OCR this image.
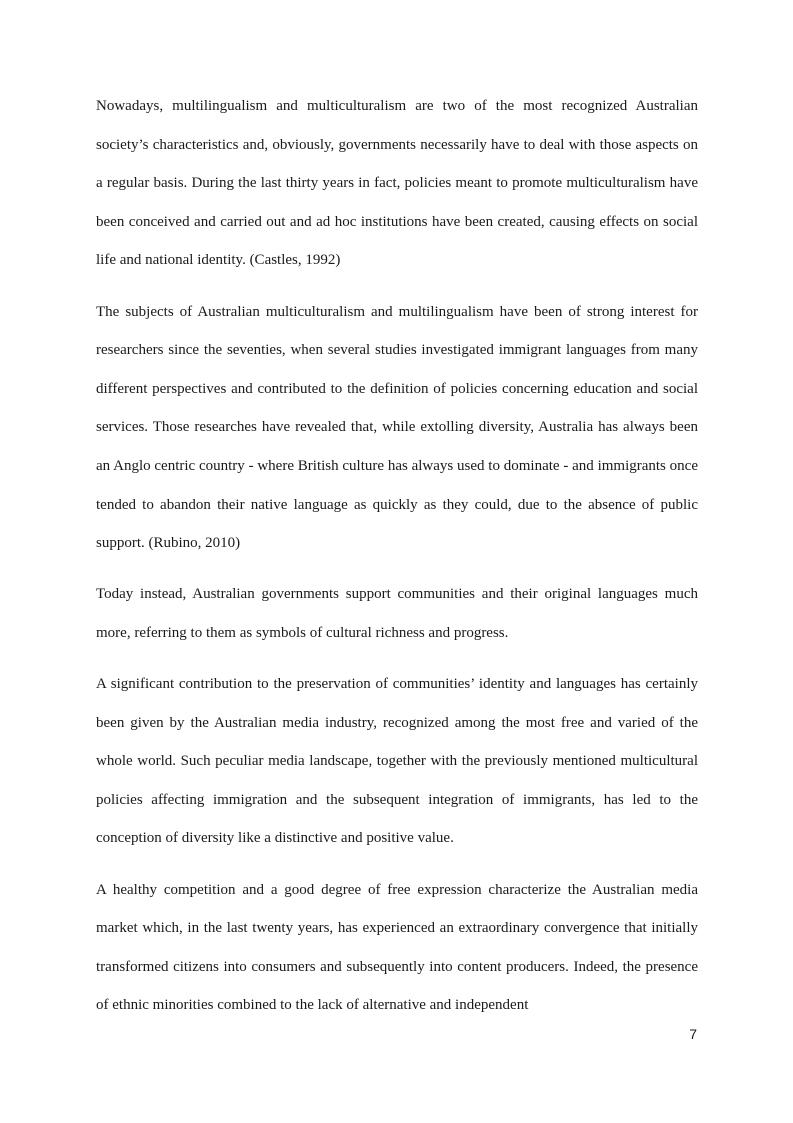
Nowadays, multilingualism and multiculturalism are two of the most recognized Australian society’s characteristics and, obviously, governments necessarily have to deal with those aspects on a regular basis. During the last thirty years in fact, policies meant to promote multiculturalism have been conceived and carried out and ad hoc institutions have been created, causing effects on social life and national identity. (Castles, 1992)

The subjects of Australian multiculturalism and multilingualism have been of strong interest for researchers since the seventies, when several studies investigated immigrant languages from many different perspectives and contributed to the definition of policies concerning education and social services. Those researches have revealed that, while extolling diversity, Australia has always been an Anglo centric country - where British culture has always used to dominate - and immigrants once tended to abandon their native language as quickly as they could, due to the absence of public support. (Rubino, 2010)

Today instead, Australian governments support communities and their original languages much more, referring to them as symbols of cultural richness and progress.

A significant contribution to the preservation of communities’ identity and languages has certainly been given by the Australian media industry, recognized among the most free and varied of the whole world. Such peculiar media landscape, together with the previously mentioned multicultural policies affecting immigration and the subsequent integration of immigrants, has led to the conception of diversity like a distinctive and positive value.

A healthy competition and a good degree of free expression characterize the Australian media market which, in the last twenty years, has experienced an extraordinary convergence that initially transformed citizens into consumers and subsequently into content producers. Indeed, the presence of ethnic minorities combined to the lack of alternative and independent

7
